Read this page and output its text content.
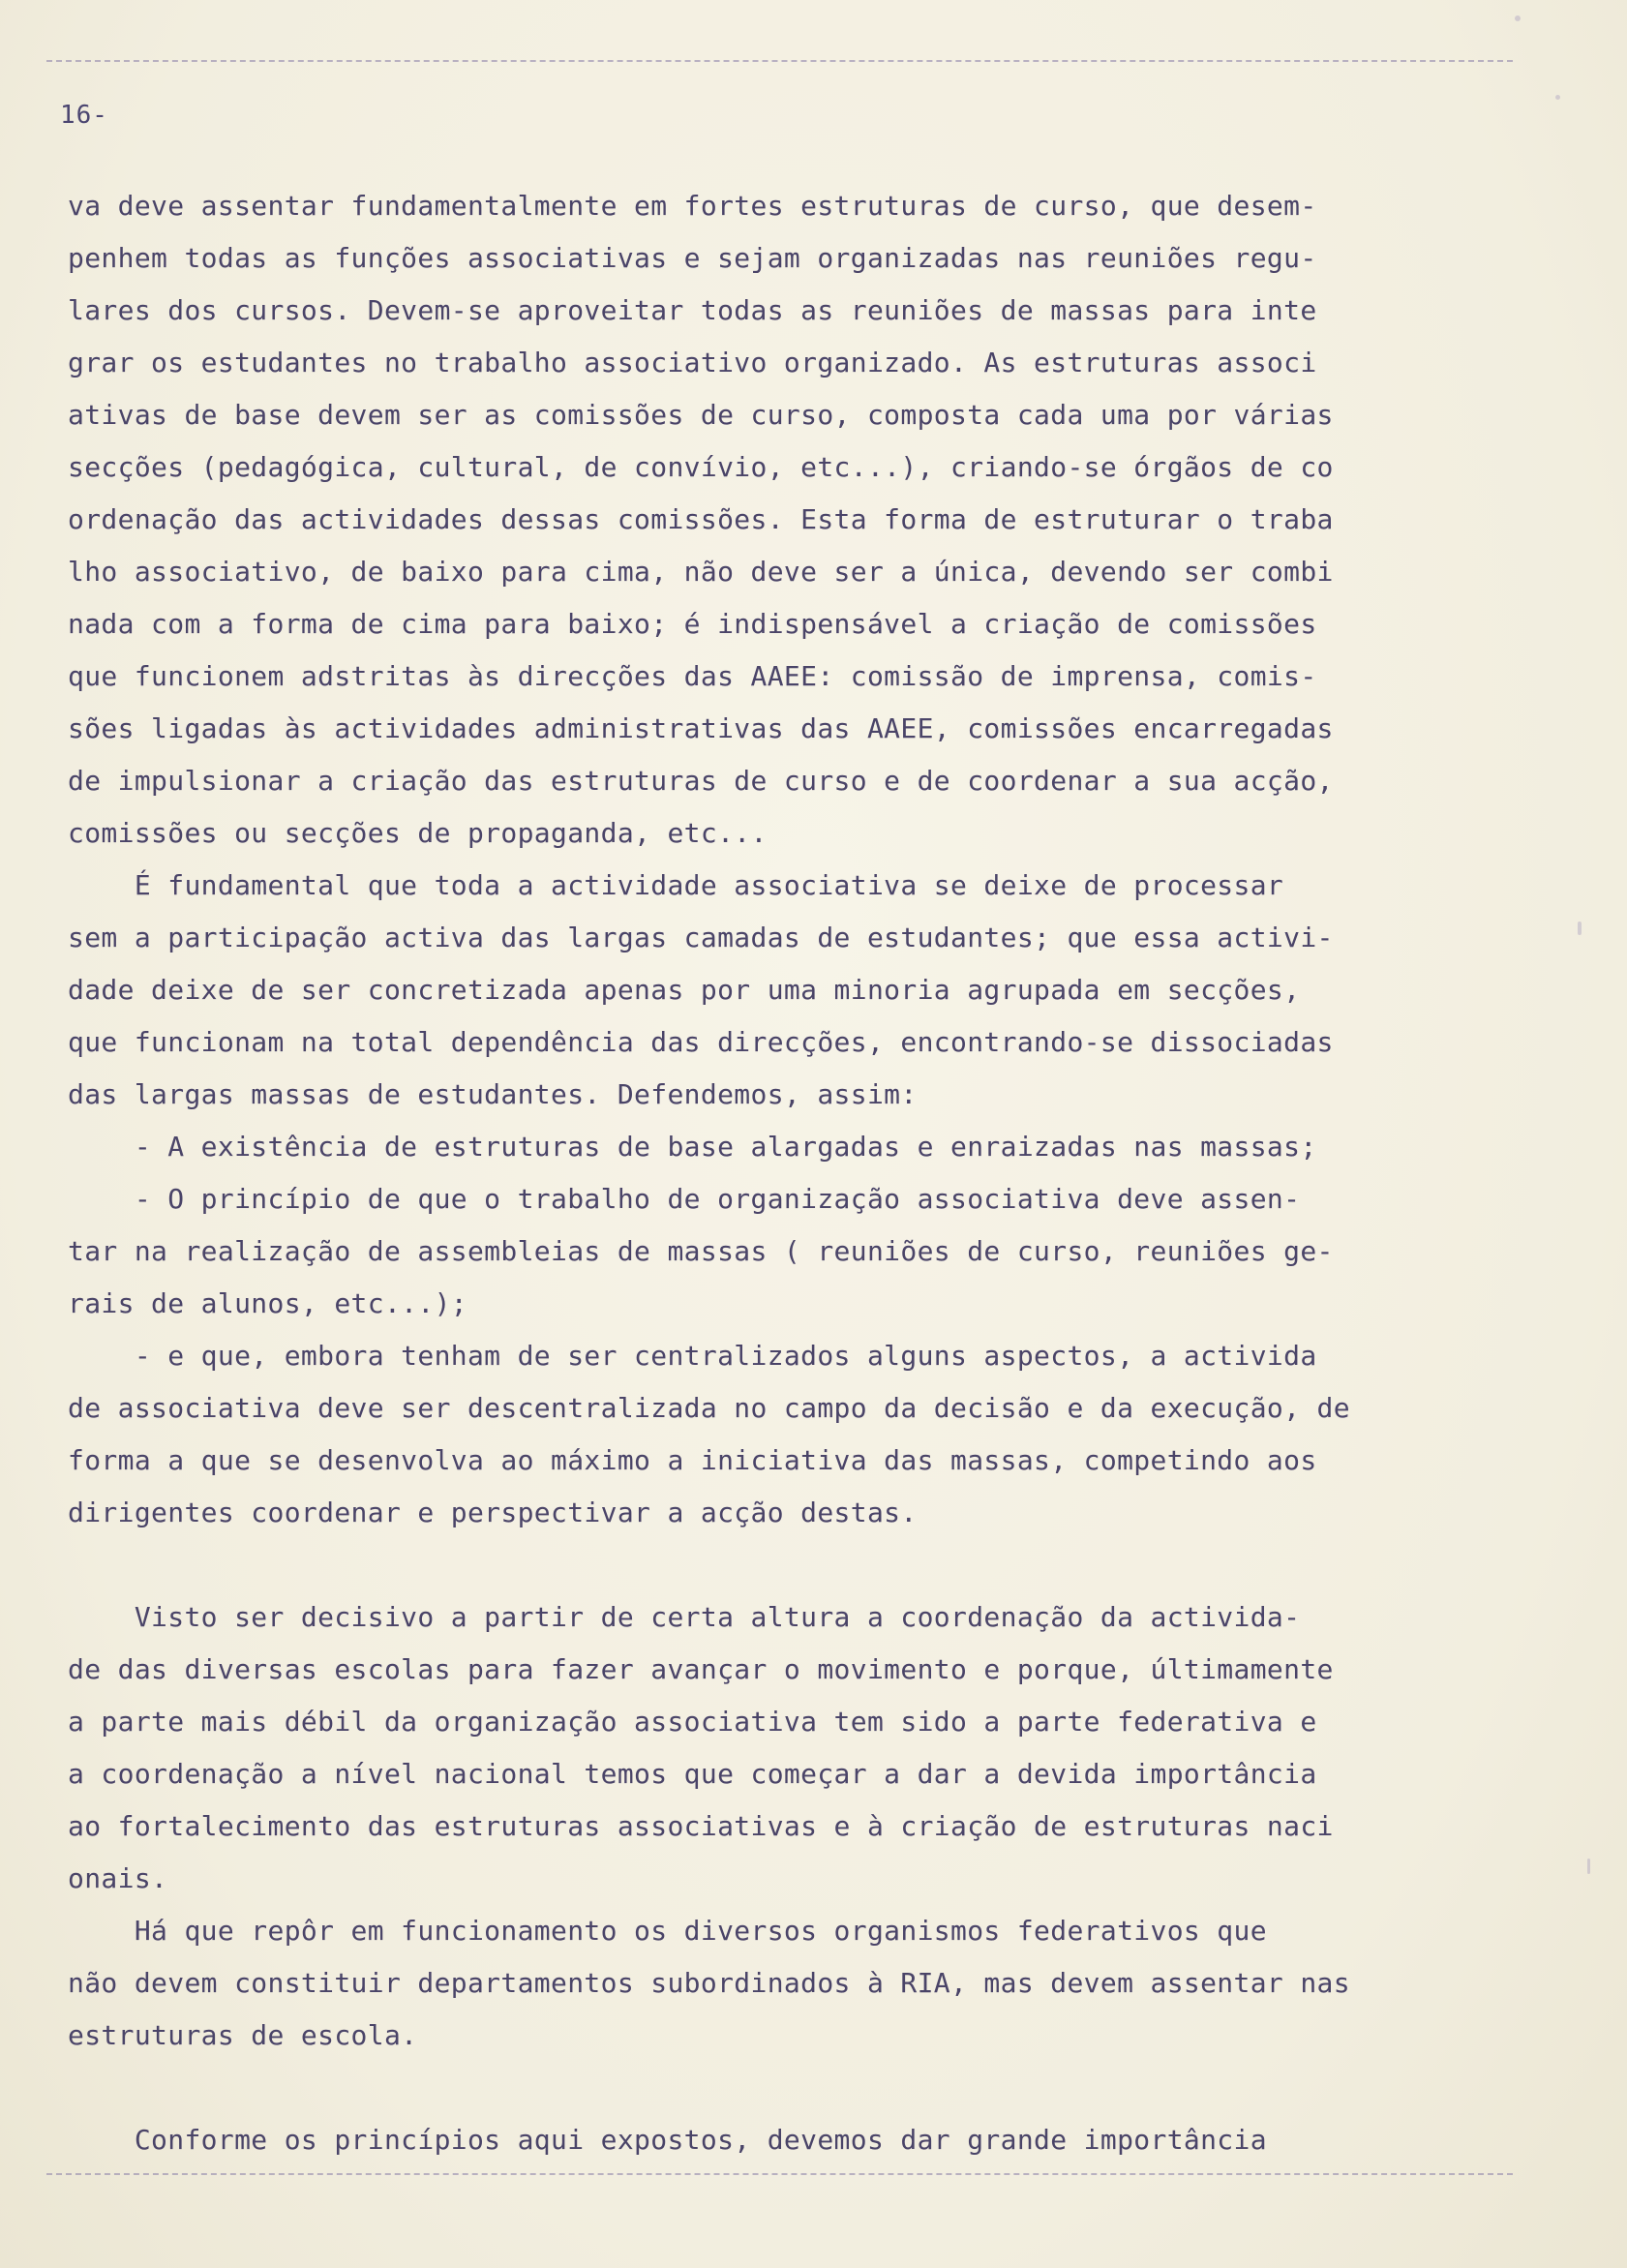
16-

va deve assentar fundamentalmente em fortes estruturas de curso, que desem-

penhem todas as funções associativas e sejam organizadas nas reuniões regu-

lares dos cursos. Devem-se aproveitar todas as reuniões de massas para inte

grar os estudantes no trabalho associativo organizado. As estruturas associ

ativas de base devem ser as comissões de curso, composta cada uma por várias

secções (pedagógica, cultural, de convívio, etc...), criando-se órgãos de co

ordenação das actividades dessas comissões. Esta forma de estruturar o traba

lho associativo, de baixo para cima, não deve ser a única, devendo ser combi

nada com a forma de cima para baixo; é indispensável a criação de comissões

que funcionem adstritas às direcções das AAEE: comissão de imprensa, comis-

sões ligadas às actividades administrativas das AAEE, comissões encarregadas

de impulsionar a criação das estruturas de curso e de coordenar a sua acção,

comissões ou secções de propaganda, etc...

É fundamental que toda a actividade associativa se deixe de processar

sem a participação activa das largas camadas de estudantes; que essa activi-

dade deixe de ser concretizada apenas por uma minoria agrupada em secções,

que funcionam na total dependência das direcções, encontrando-se dissociadas

das largas massas de estudantes. Defendemos, assim:

- A existência de estruturas de base alargadas e enraizadas nas massas;

- O princípio de que o trabalho de organização associativa deve assen-

tar na realização de assembleias de massas ( reuniões de curso, reuniões ge-

rais de alunos, etc...);

- e que, embora tenham de ser centralizados alguns aspectos, a activida

de associativa deve ser descentralizada no campo da decisão e da execução, de

forma a que se desenvolva ao máximo a iniciativa das massas, competindo aos

dirigentes coordenar e perspectivar a acção destas.

Visto ser decisivo a partir de certa altura a coordenação da activida-

de das diversas escolas para fazer avançar o movimento e porque, últimamente

a parte mais débil da organização associativa tem sido a parte federativa e

a coordenação a nível nacional temos que começar a dar a devida importância

ao fortalecimento das estruturas associativas e à criação de estruturas naci

onais.

Há que repôr em funcionamento os diversos organismos federativos que

não devem constituir departamentos subordinados à RIA, mas devem assentar nas

estruturas de escola.

Conforme os princípios aqui expostos, devemos dar grande importância
